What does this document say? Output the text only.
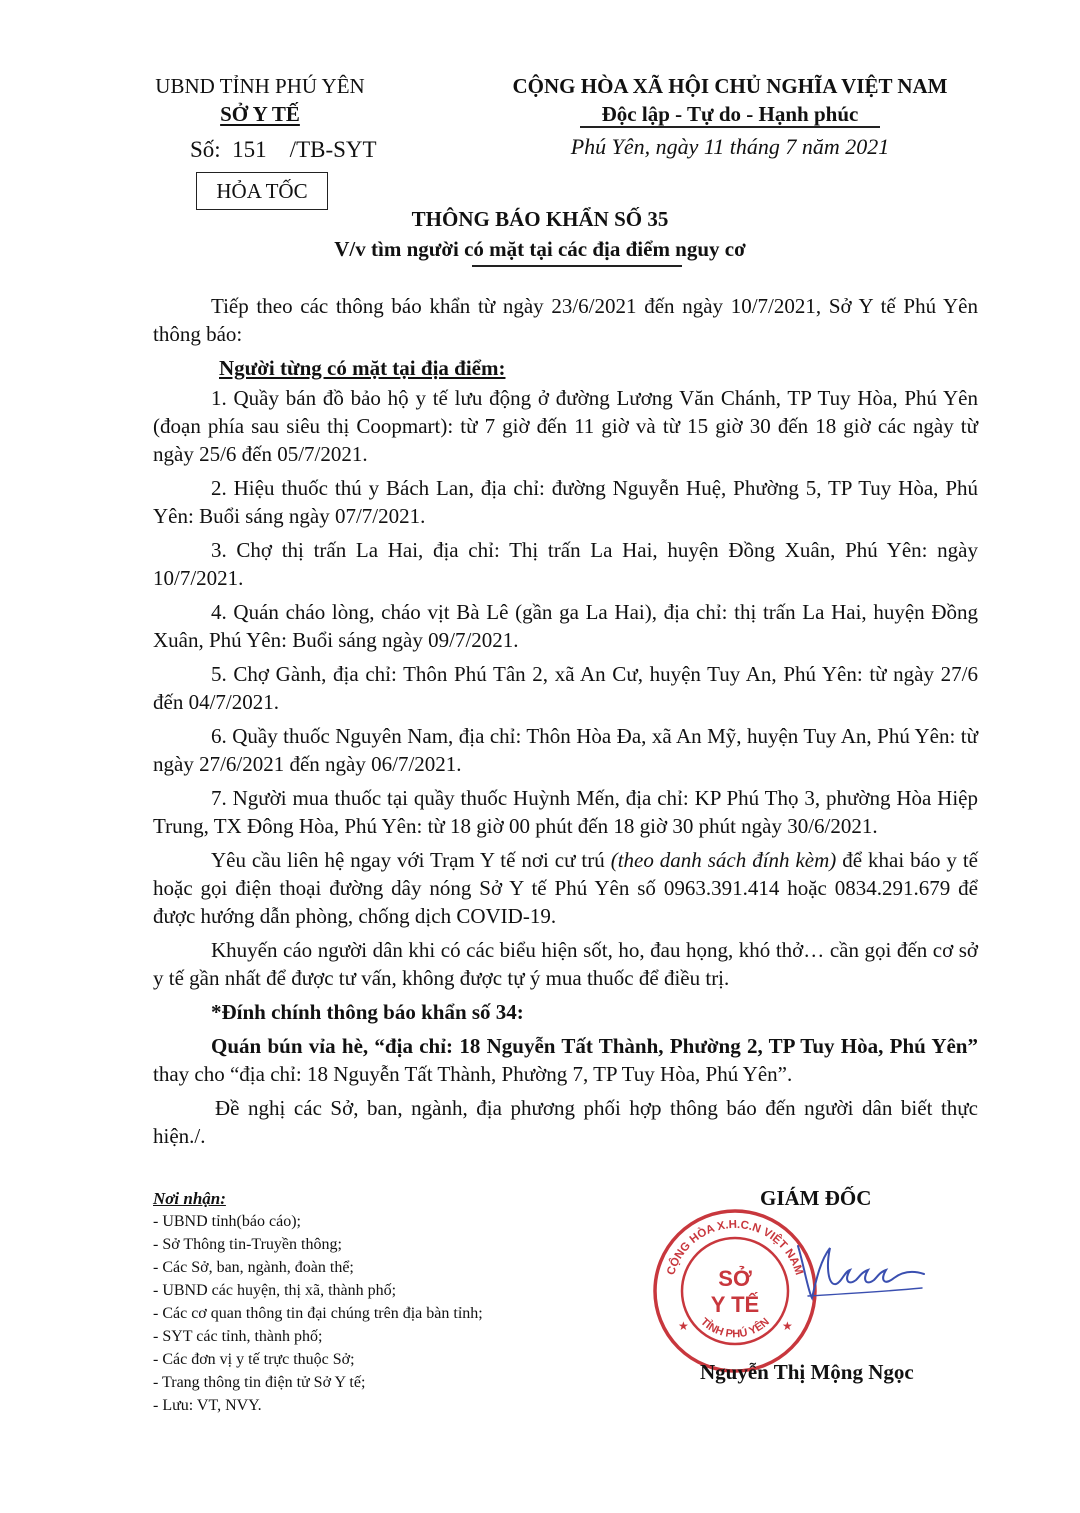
UBND TỈNH PHÚ YÊN
SỞ Y TẾ
Số:  151    /TB-SYT
HỎA TỐC
CỘNG HÒA XÃ HỘI CHỦ NGHĨA VIỆT NAM
Độc lập - Tự do - Hạnh phúc
Phú Yên, ngày 11 tháng 7 năm 2021
THÔNG BÁO KHẨN SỐ 35
V/v tìm người có mặt tại các địa điểm nguy cơ

Tiếp theo các thông báo khẩn từ ngày 23/6/2021 đến ngày 10/7/2021, Sở Y tế Phú Yên thông báo:

Người từng có mặt tại địa điểm:

1. Quầy bán đồ bảo hộ y tế lưu động ở đường Lương Văn Chánh, TP Tuy Hòa, Phú Yên (đoạn phía sau siêu thị Coopmart): từ 7 giờ đến 11 giờ và từ 15 giờ 30 đến 18 giờ các ngày từ ngày 25/6 đến 05/7/2021.

2. Hiệu thuốc thú y Bách Lan, địa chỉ: đường Nguyễn Huệ, Phường 5, TP Tuy Hòa, Phú Yên: Buổi sáng ngày 07/7/2021.

3. Chợ thị trấn La Hai, địa chỉ: Thị trấn La Hai, huyện Đồng Xuân, Phú Yên: ngày 10/7/2021.

4. Quán cháo lòng, cháo vịt Bà Lê (gần ga La Hai), địa chỉ: thị trấn La Hai, huyện Đồng Xuân, Phú Yên: Buổi sáng ngày 09/7/2021.

5. Chợ Gành, địa chỉ: Thôn Phú Tân 2, xã An Cư, huyện Tuy An, Phú Yên: từ ngày 27/6 đến 04/7/2021.

6. Quầy thuốc Nguyên Nam, địa chỉ: Thôn Hòa Đa, xã An Mỹ, huyện Tuy An, Phú Yên: từ ngày 27/6/2021 đến ngày 06/7/2021.

7. Người mua thuốc tại quầy thuốc Huỳnh Mến, địa chỉ: KP Phú Thọ 3, phường Hòa Hiệp Trung, TX Đông Hòa, Phú Yên: từ 18 giờ 00 phút đến 18 giờ 30 phút ngày 30/6/2021.

Yêu cầu liên hệ ngay với Trạm Y tế nơi cư trú (theo danh sách đính kèm) để khai báo y tế hoặc gọi điện thoại đường dây nóng Sở Y tế Phú Yên số 0963.391.414 hoặc 0834.291.679 để được hướng dẫn phòng, chống dịch COVID-19.

Khuyến cáo người dân khi có các biểu hiện sốt, ho, đau họng, khó thở… cần gọi đến cơ sở y tế gần nhất để được tư vấn, không được tự ý mua thuốc để điều trị.

*Đính chính thông báo khẩn số 34:

Quán bún vỉa hè, “địa chỉ: 18 Nguyễn Tất Thành, Phường 2, TP Tuy Hòa, Phú Yên” thay cho “địa chỉ: 18 Nguyễn Tất Thành, Phường 7, TP Tuy Hòa, Phú Yên”.

Đề nghị các Sở, ban, ngành, địa phương phối hợp thông báo đến người dân biết thực hiện./.

Nơi nhận:
- UBND tỉnh(báo cáo);
- Sở Thông tin-Truyền thông;
- Các Sở, ban, ngành, đoàn thể;
- UBND các huyện, thị xã, thành phố;
- Các cơ quan thông tin đại chúng trên địa bàn tỉnh;
- SYT các tỉnh, thành phố;
- Các đơn vị y tế trực thuộc Sở;
- Trang thông tin điện tử Sở Y tế;
- Lưu: VT, NVY.
GIÁM ĐỐC
CỘNG HÒA X.H.C.N VIỆT NAM
TỈNH PHÚ YÊN
SỞ
Y TẾ
★	★
Nguyễn Thị Mộng Ngọc
